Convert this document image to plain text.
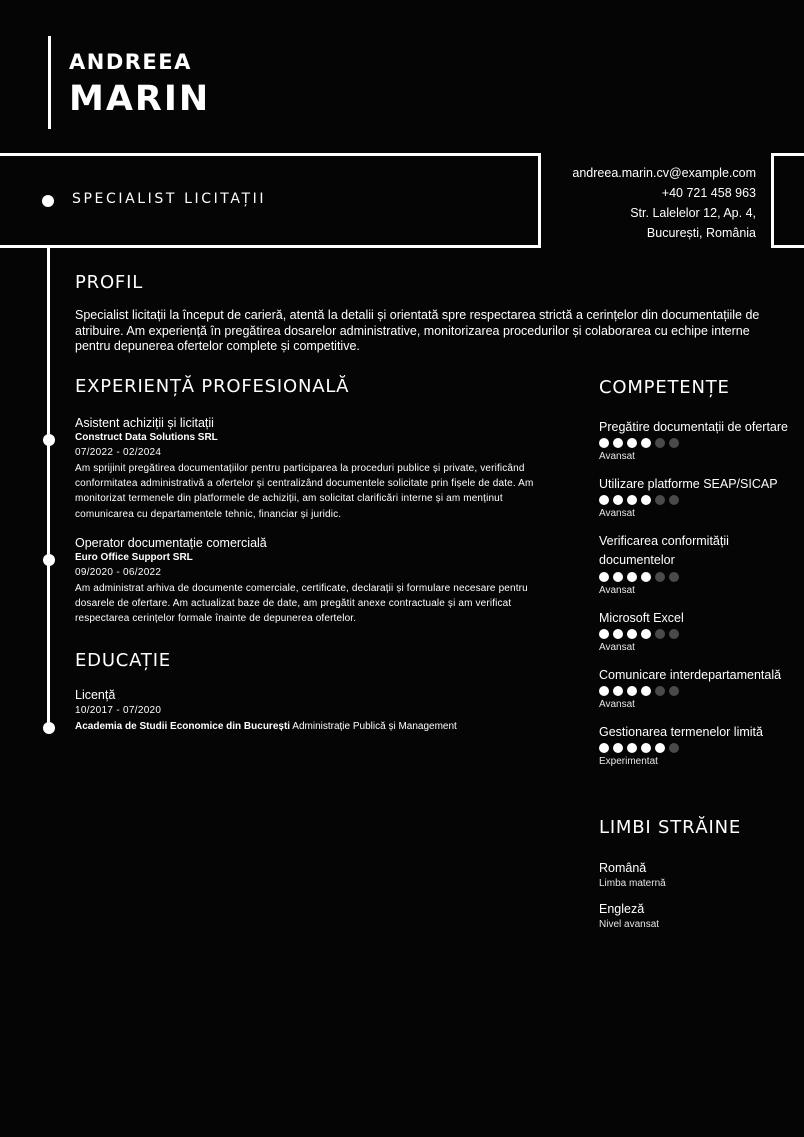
ANDREEA
MARIN
SPECIALIST LICITAȚII
andreea.marin.cv@example.com
+40 721 458 963
Str. Lalelelor 12, Ap. 4,
București, România
PROFIL
Specialist licitații la început de carieră, atentă la detalii și orientată spre respectarea strictă a cerințelor din documentațiile de atribuire. Am experiență în pregătirea dosarelor administrative, monitorizarea procedurilor și colaborarea cu echipe interne pentru depunerea ofertelor complete și competitive.
EXPERIENȚĂ PROFESIONALĂ
Asistent achiziții și licitații
Construct Data Solutions SRL
07/2022 - 02/2024
Am sprijinit pregătirea documentațiilor pentru participarea la proceduri publice și private, verificând conformitatea administrativă a ofertelor și centralizând documentele solicitate prin fișele de date. Am monitorizat termenele din platformele de achiziții, am solicitat clarificări interne și am menținut comunicarea cu departamentele tehnic, financiar și juridic.
Operator documentație comercială
Euro Office Support SRL
09/2020 - 06/2022
Am administrat arhiva de documente comerciale, certificate, declarații și formulare necesare pentru dosarele de ofertare. Am actualizat baze de date, am pregătit anexe contractuale și am verificat respectarea cerințelor formale înainte de depunerea ofertelor.
EDUCAȚIE
Licență
10/2017 - 07/2020
Academia de Studii Economice din București Administrație Publică și Management
COMPETENȚE
Pregătire documentații de ofertare
Avansat
Utilizare platforme SEAP/SICAP
Avansat
Verificarea conformității documentelor
Avansat
Microsoft Excel
Avansat
Comunicare interdepartamentală
Avansat
Gestionarea termenelor limită
Experimentat
LIMBI STRĂINE
Română
Limba maternă
Engleză
Nivel avansat
